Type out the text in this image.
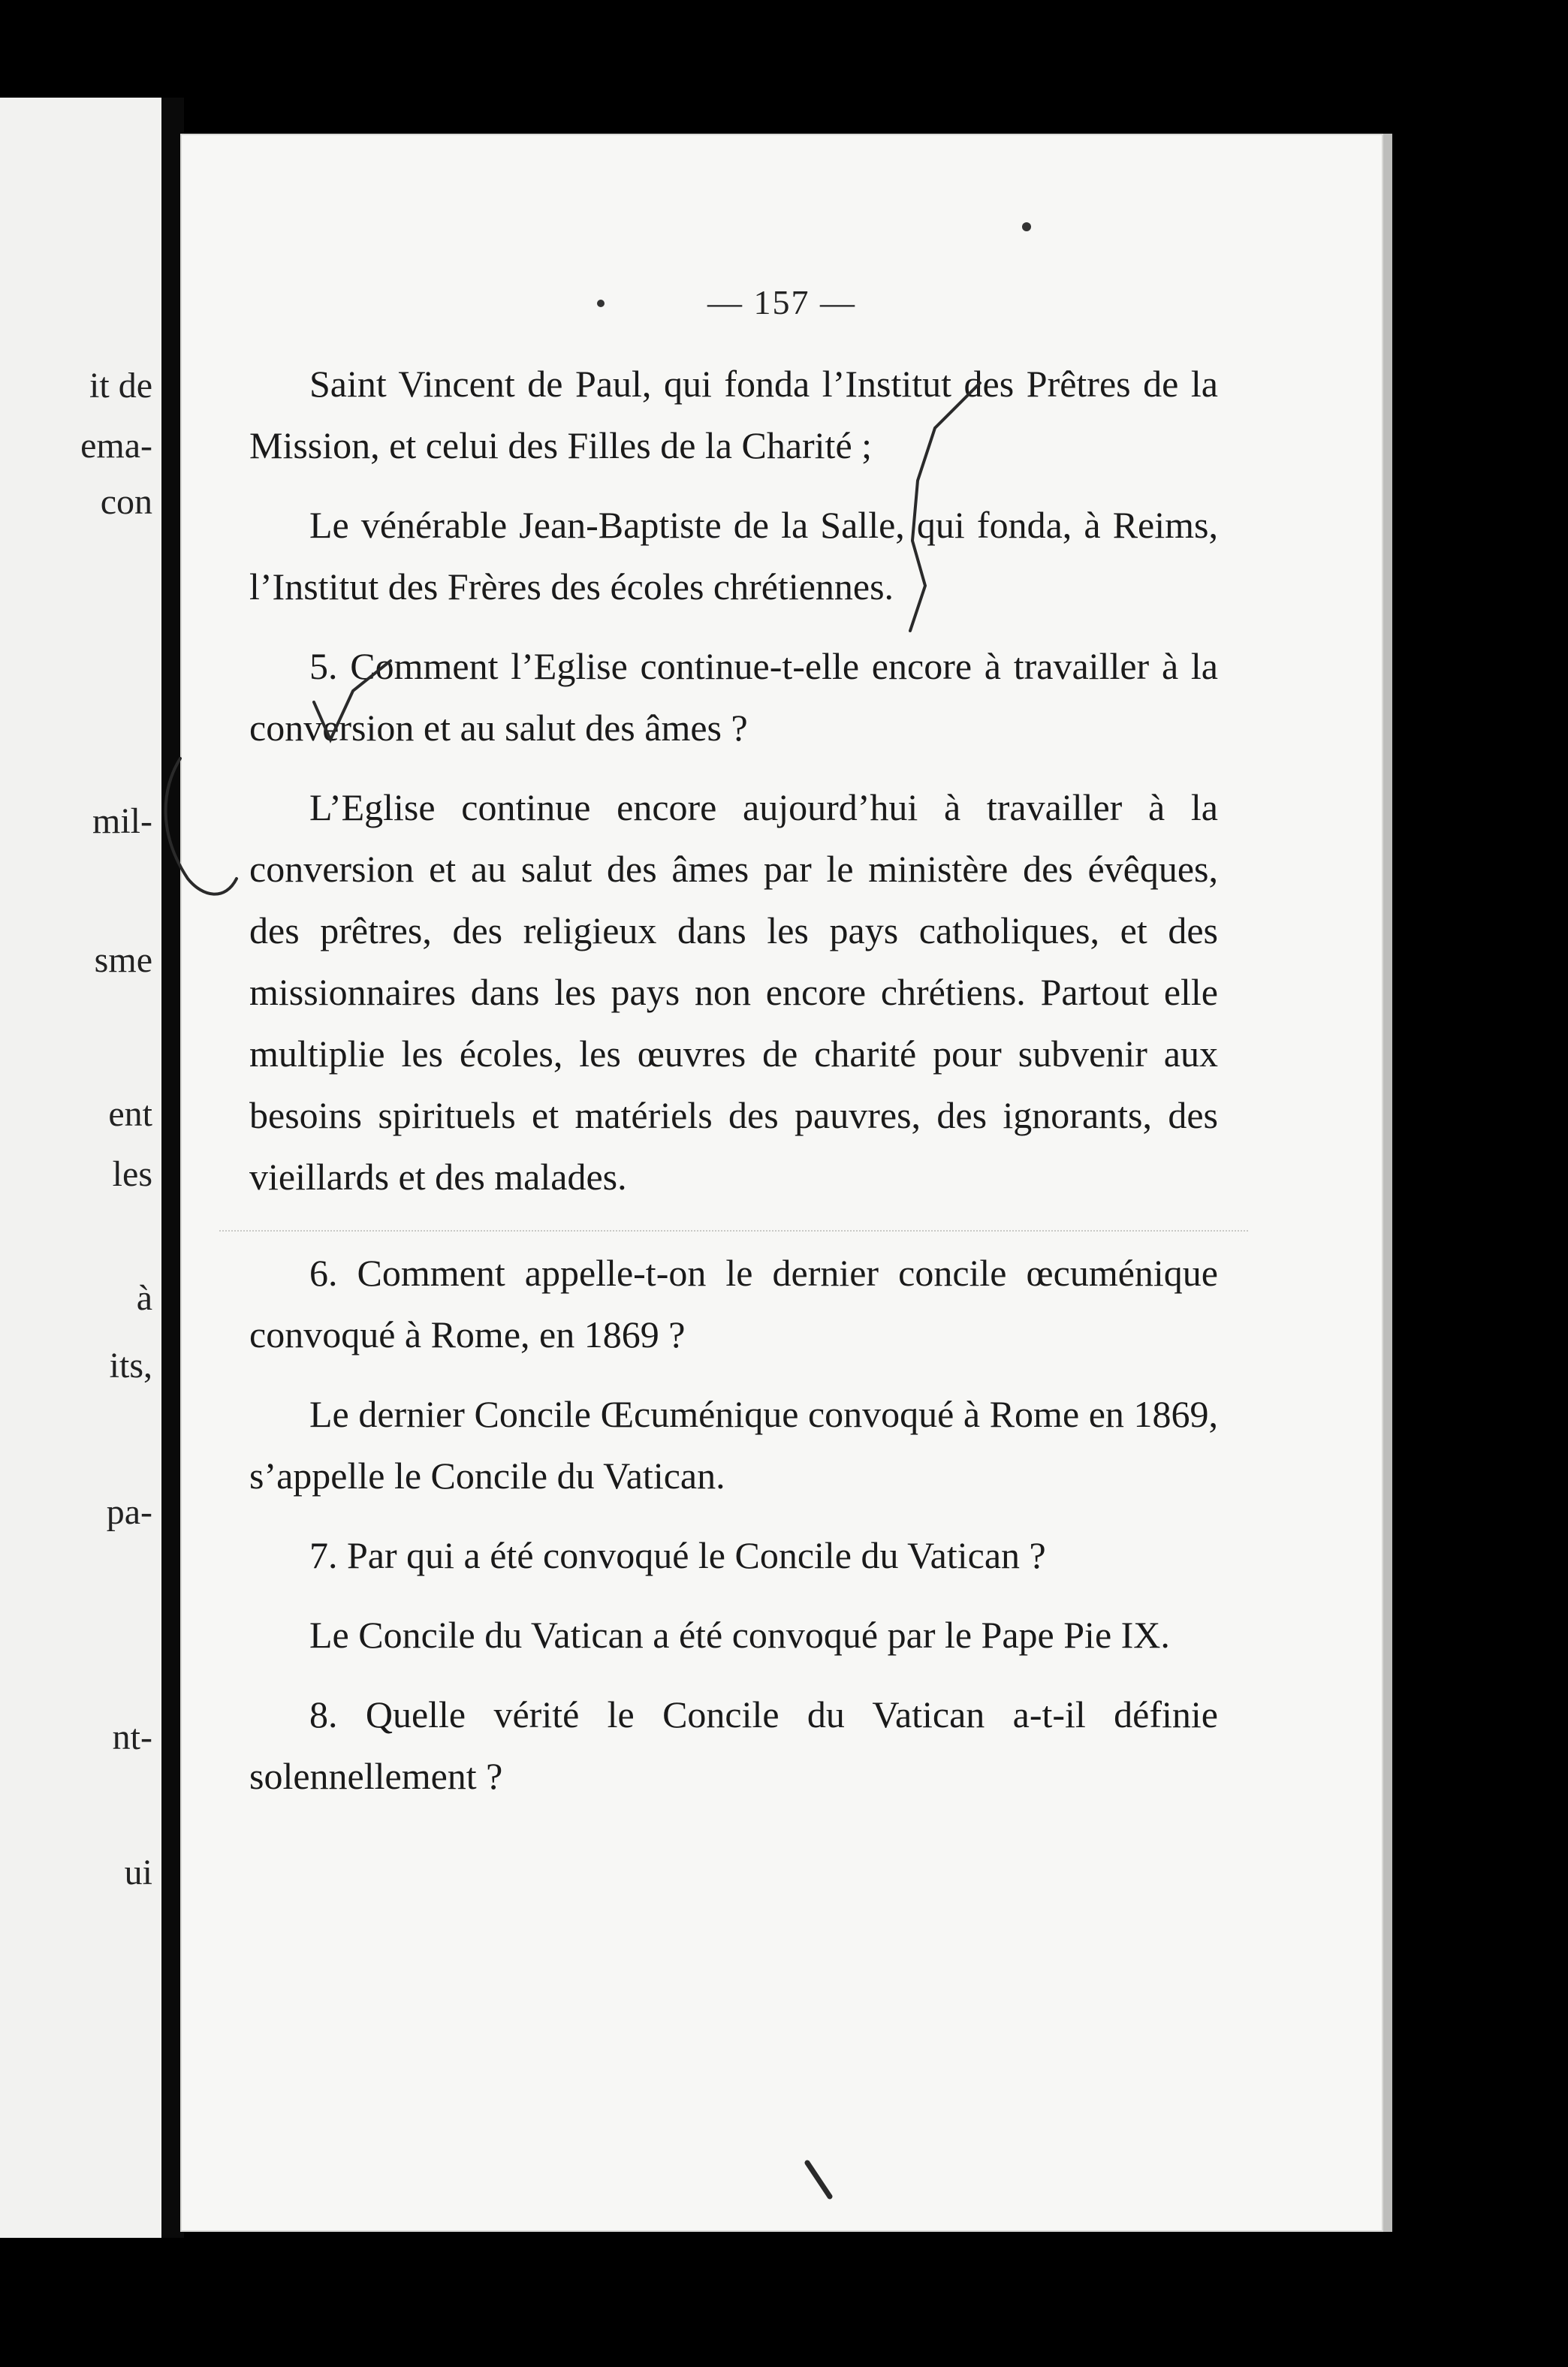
it de
ema-
con
mil-
sme
ent
les
à
its,
pa-
nt-
ui
— 157 —

Saint Vincent de Paul, qui fonda l’Institut des Prêtres de la Mission, et celui des Filles de la Charité ;

Le vénérable Jean-Baptiste de la Salle, qui fonda, à Reims, l’Institut des Frères des écoles chrétiennes.

5. Comment l’Eglise continue-t-elle encore à travailler à la conversion et au salut des âmes ?

L’Eglise continue encore aujourd’hui à travailler à la conversion et au salut des âmes par le ministère des évêques, des prêtres, des religieux dans les pays catholiques, et des missionnaires dans les pays non encore chrétiens. Partout elle multiplie les écoles, les œuvres de charité pour subvenir aux besoins spirituels et matériels des pauvres, des ignorants, des vieillards et des malades.

6. Comment appelle-t-on le dernier concile œcuménique convoqué à Rome, en 1869 ?

Le dernier Concile Œcuménique convoqué à Rome en 1869, s’appelle le Concile du Vatican.

7. Par qui a été convoqué le Concile du Vatican ?

Le Concile du Vatican a été convoqué par le Pape Pie IX.

8. Quelle vérité le Concile du Vatican a-t-il définie solennellement ?
